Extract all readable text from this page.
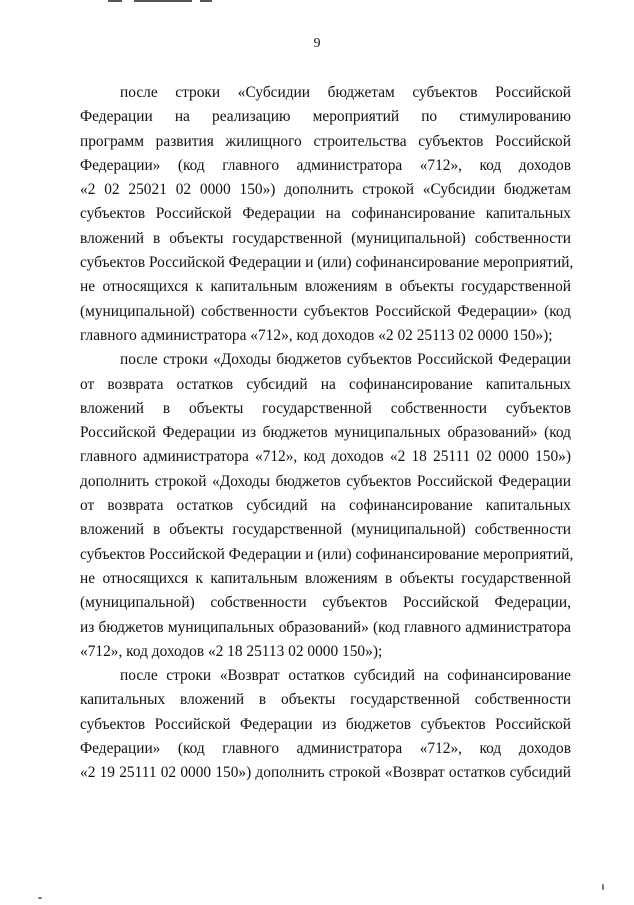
9
после строки «Субсидии бюджетам субъектов Российской
Федерации на реализацию мероприятий по стимулированию
программ развития жилищного строительства субъектов Российской
Федерации» (код главного администратора «712», код доходов
«2 02 25021 02 0000 150») дополнить строкой «Субсидии бюджетам
субъектов Российской Федерации на софинансирование капитальных
вложений в объекты государственной (муниципальной) собственности
субъектов Российской Федерации и (или) софинансирование мероприятий,
не относящихся к капитальным вложениям в объекты государственной
(муниципальной) собственности субъектов Российской Федерации» (код
главного администратора «712», код доходов «2 02 25113 02 0000 150»);
после строки «Доходы бюджетов субъектов Российской Федерации
от возврата остатков субсидий на софинансирование капитальных
вложений в объекты государственной собственности субъектов
Российской Федерации из бюджетов муниципальных образований» (код
главного администратора «712», код доходов «2 18 25111 02 0000 150»)
дополнить строкой «Доходы бюджетов субъектов Российской Федерации
от возврата остатков субсидий на софинансирование капитальных
вложений в объекты государственной (муниципальной) собственности
субъектов Российской Федерации и (или) софинансирование мероприятий,
не относящихся к капитальным вложениям в объекты государственной
(муниципальной) собственности субъектов Российской Федерации,
из бюджетов муниципальных образований» (код главного администратора
«712», код доходов «2 18 25113 02 0000 150»);
после строки «Возврат остатков субсидий на софинансирование
капитальных вложений в объекты государственной собственности
субъектов Российской Федерации из бюджетов субъектов Российской
Федерации» (код главного администратора «712», код доходов
«2 19 25111 02 0000 150») дополнить строкой «Возврат остатков субсидий
